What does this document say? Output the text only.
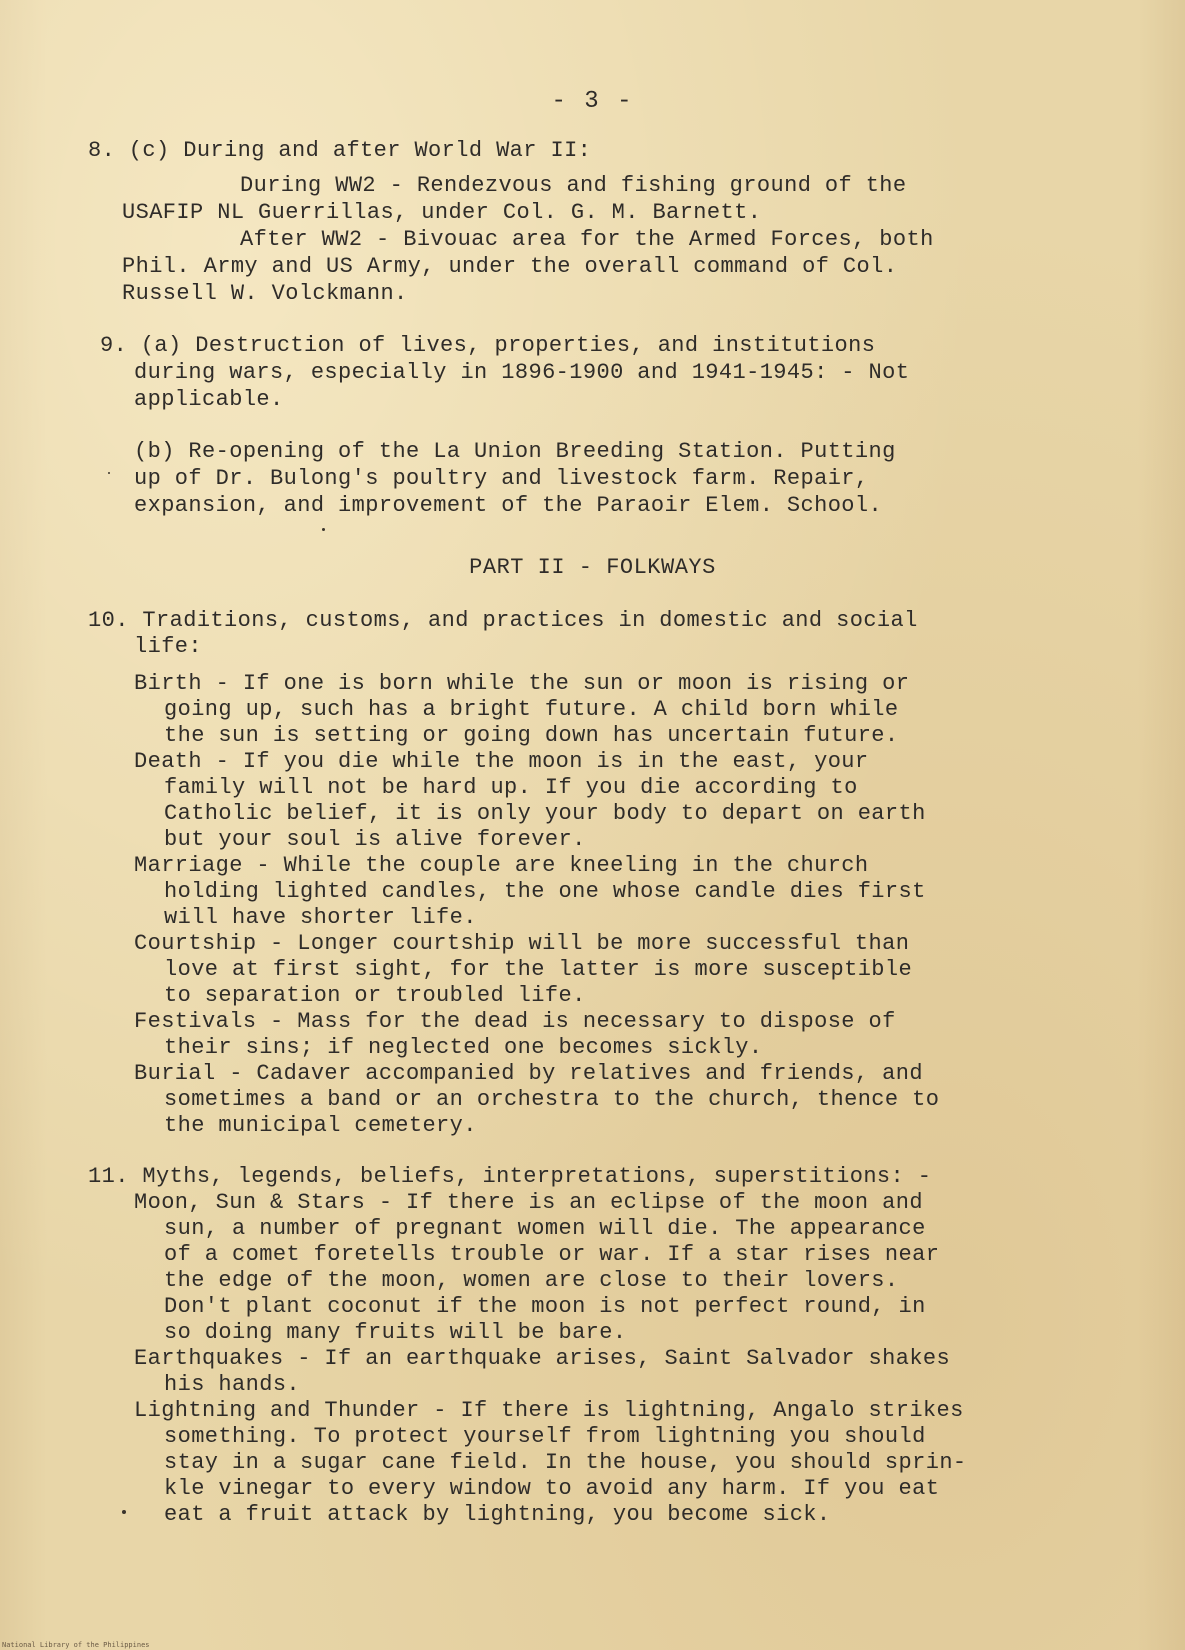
- 3 -
8. (c) During and after World War II:
During WW2 - Rendezvous and fishing ground of the
USAFIP NL Guerrillas, under Col. G. M. Barnett.
After WW2 - Bivouac area for the Armed Forces, both
Phil. Army and US Army, under the overall command of Col.
Russell W. Volckmann.
9. (a) Destruction of lives, properties, and institutions
during wars, especially in 1896-1900 and 1941-1945: - Not
applicable.
(b) Re-opening of the La Union Breeding Station. Putting
up of Dr. Bulong's poultry and livestock farm. Repair,
expansion, and improvement of the Paraoir Elem. School.
PART II - FOLKWAYS
10. Traditions, customs, and practices in domestic and social
life:
Birth - If one is born while the sun or moon is rising or
going up, such has a bright future. A child born while
the sun is setting or going down has uncertain future.
Death - If you die while the moon is in the east, your
family will not be hard up. If you die according to
Catholic belief, it is only your body to depart on earth
but your soul is alive forever.
Marriage - While the couple are kneeling in the church
holding lighted candles, the one whose candle dies first
will have shorter life.
Courtship - Longer courtship will be more successful than
love at first sight, for the latter is more susceptible
to separation or troubled life.
Festivals - Mass for the dead is necessary to dispose of
their sins; if neglected one becomes sickly.
Burial - Cadaver accompanied by relatives and friends, and
sometimes a band or an orchestra to the church, thence to
the municipal cemetery.
11. Myths, legends, beliefs, interpretations, superstitions: -
Moon, Sun & Stars - If there is an eclipse of the moon and
sun, a number of pregnant women will die. The appearance
of a comet foretells trouble or war. If a star rises near
the edge of the moon, women are close to their lovers.
Don't plant coconut if the moon is not perfect round, in
so doing many fruits will be bare.
Earthquakes - If an earthquake arises, Saint Salvador shakes
his hands.
Lightning and Thunder - If there is lightning, Angalo strikes
something. To protect yourself from lightning you should
stay in a sugar cane field. In the house, you should sprin-
kle vinegar to every window to avoid any harm. If you eat
eat a fruit attack by lightning, you become sick.
National Library of the Philippines
